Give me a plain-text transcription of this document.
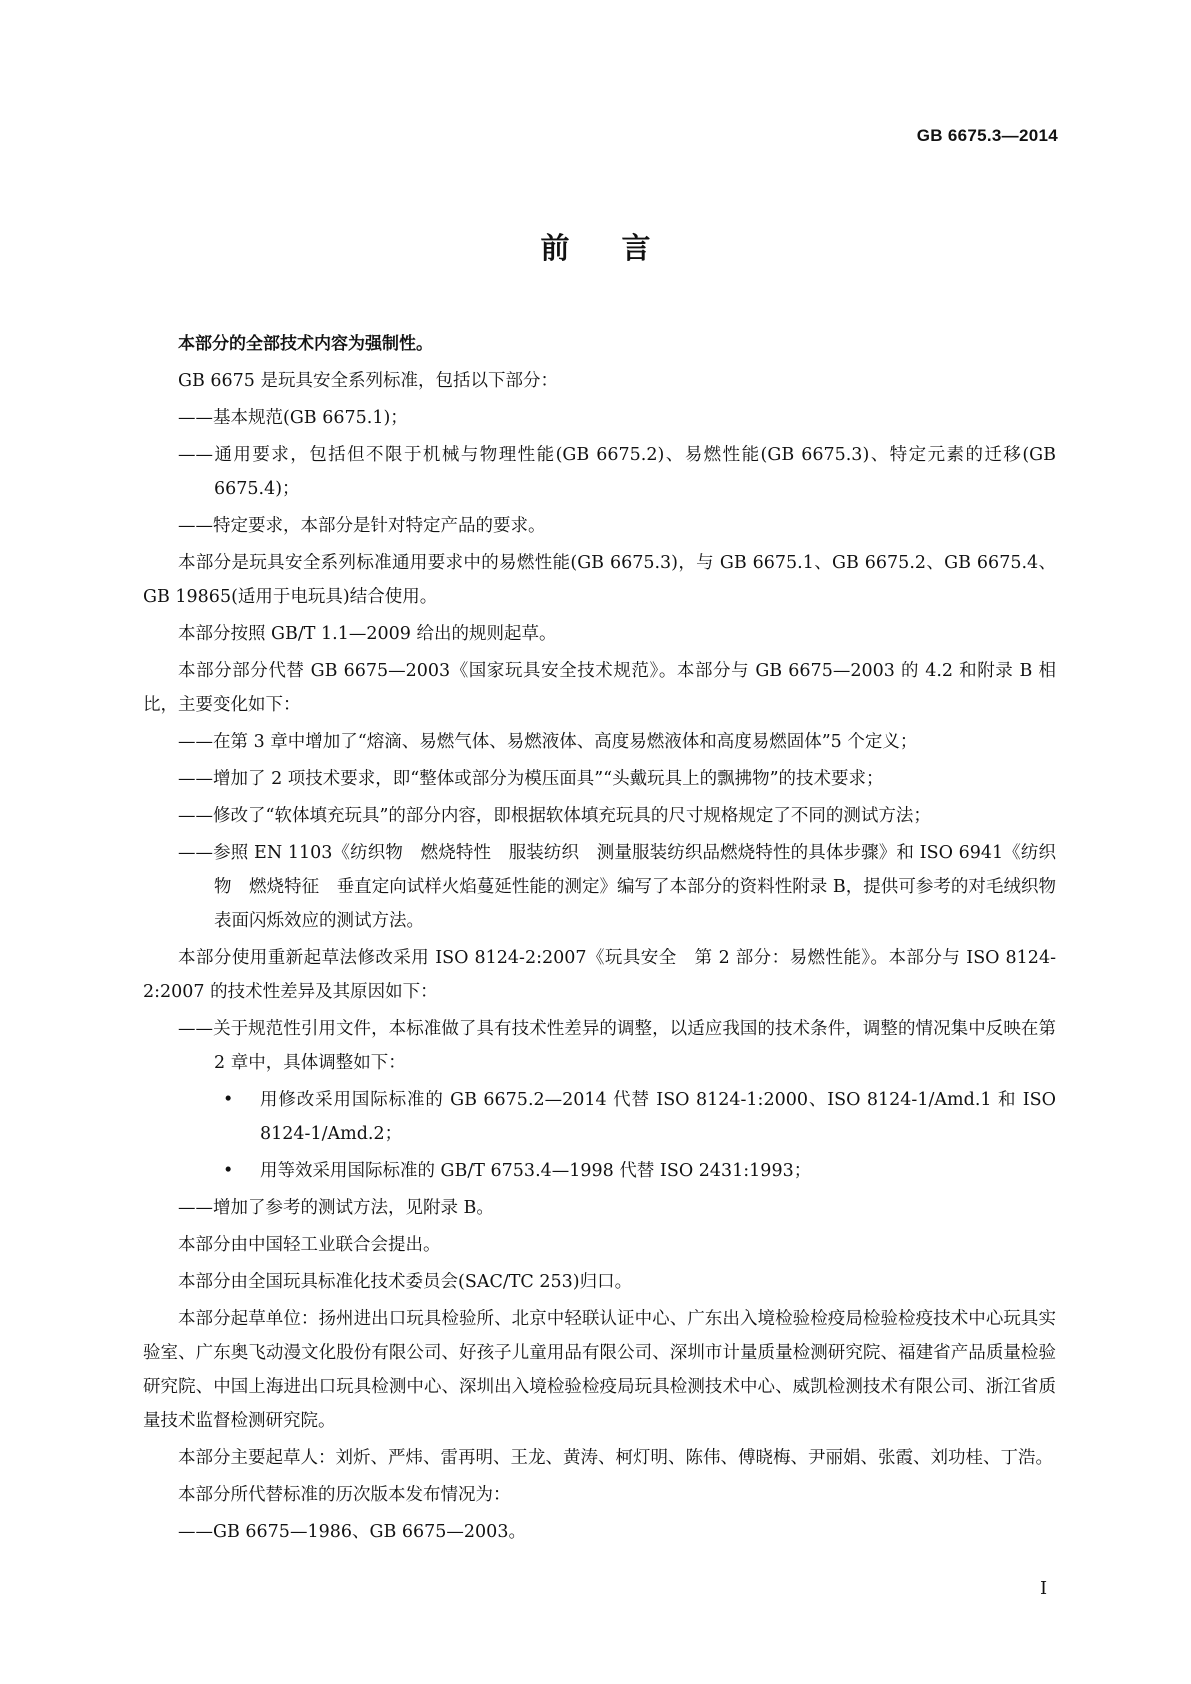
GB 6675.3—2014
前言
本部分的全部技术内容为强制性。
GB 6675 是玩具安全系列标准，包括以下部分：
——基本规范(GB 6675.1)；
——通用要求，包括但不限于机械与物理性能(GB 6675.2)、易燃性能(GB 6675.3)、特定元素的迁移(GB 6675.4)；
——特定要求，本部分是针对特定产品的要求。
本部分是玩具安全系列标准通用要求中的易燃性能(GB 6675.3)，与 GB 6675.1、GB 6675.2、GB 6675.4、GB 19865(适用于电玩具)结合使用。
本部分按照 GB/T 1.1—2009 给出的规则起草。
本部分部分代替 GB 6675—2003《国家玩具安全技术规范》。本部分与 GB 6675—2003 的 4.2 和附录 B 相比，主要变化如下：
——在第 3 章中增加了“熔滴、易燃气体、易燃液体、高度易燃液体和高度易燃固体”5 个定义；
——增加了 2 项技术要求，即“整体或部分为模压面具”“头戴玩具上的飘拂物”的技术要求；
——修改了“软体填充玩具”的部分内容，即根据软体填充玩具的尺寸规格规定了不同的测试方法；
——参照 EN 1103《纺织物　燃烧特性　服装纺织　测量服装纺织品燃烧特性的具体步骤》和 ISO 6941《纺织物　燃烧特征　垂直定向试样火焰蔓延性能的测定》编写了本部分的资料性附录 B，提供可参考的对毛绒织物表面闪烁效应的测试方法。
本部分使用重新起草法修改采用 ISO 8124-2:2007《玩具安全　第 2 部分：易燃性能》。本部分与 ISO 8124-2:2007 的技术性差异及其原因如下：
——关于规范性引用文件，本标准做了具有技术性差异的调整，以适应我国的技术条件，调整的情况集中反映在第 2 章中，具体调整如下：
• 用修改采用国际标准的 GB 6675.2—2014 代替 ISO 8124-1:2000、ISO 8124-1/Amd.1 和 ISO 8124-1/Amd.2；
• 用等效采用国际标准的 GB/T 6753.4—1998 代替 ISO 2431:1993；
——增加了参考的测试方法，见附录 B。
本部分由中国轻工业联合会提出。
本部分由全国玩具标准化技术委员会(SAC/TC 253)归口。
本部分起草单位：扬州进出口玩具检验所、北京中轻联认证中心、广东出入境检验检疫局检验检疫技术中心玩具实验室、广东奥飞动漫文化股份有限公司、好孩子儿童用品有限公司、深圳市计量质量检测研究院、福建省产品质量检验研究院、中国上海进出口玩具检测中心、深圳出入境检验检疫局玩具检测技术中心、威凯检测技术有限公司、浙江省质量技术监督检测研究院。
本部分主要起草人：刘炘、严炜、雷再明、王龙、黄涛、柯灯明、陈伟、傅晓梅、尹丽娟、张霞、刘功桂、丁浩。
本部分所代替标准的历次版本发布情况为：
——GB 6675—1986、GB 6675—2003。
I
